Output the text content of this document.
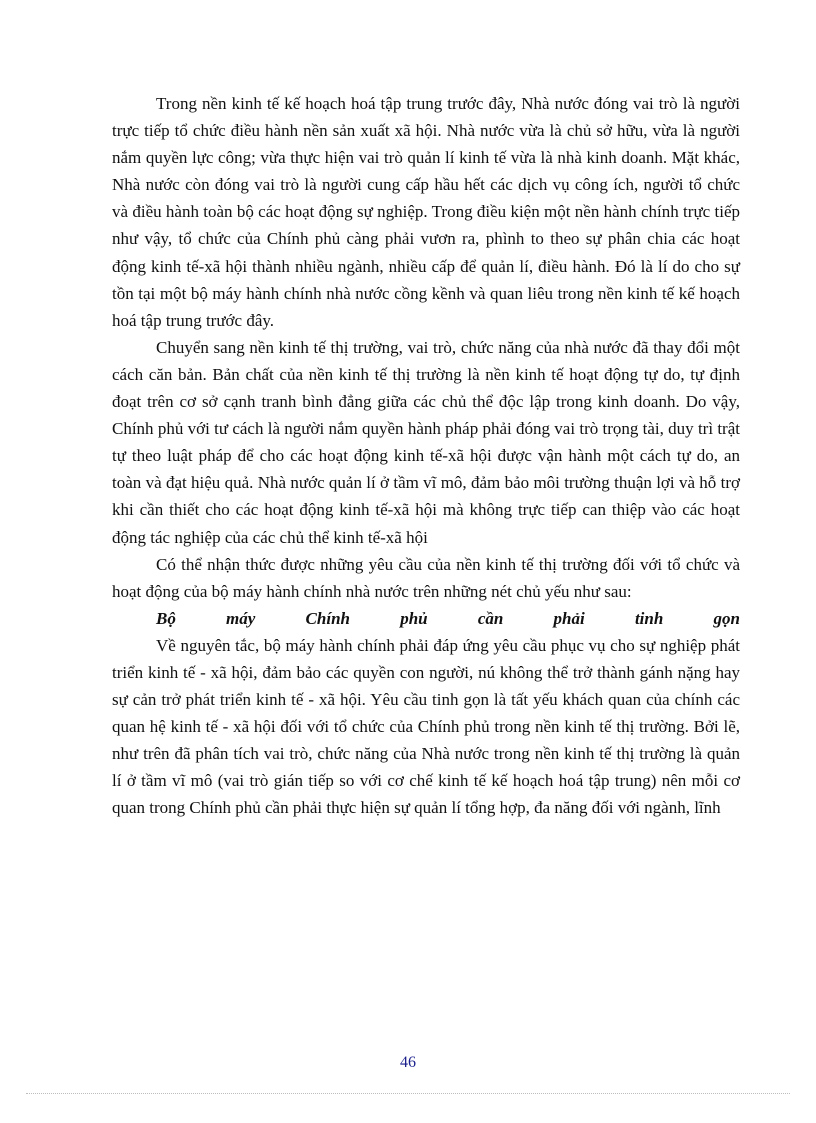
Trong nền kinh tế kế hoạch hoá tập trung trước đây, Nhà nước đóng vai trò là người trực tiếp tổ chức điều hành nền sản xuất xã hội. Nhà nước vừa là chủ sở hữu, vừa là người nắm quyền lực công; vừa thực hiện vai trò quản lí kinh tế vừa là nhà kinh doanh. Mặt khác, Nhà nước còn đóng vai trò là người cung cấp hầu hết các dịch vụ công ích, người tổ chức và điều hành toàn bộ các hoạt động sự nghiệp. Trong điều kiện một nền hành chính trực tiếp như vậy, tổ chức của Chính phủ càng phải vươn ra, phình to theo sự phân chia các hoạt động kinh tế-xã hội thành nhiều ngành, nhiều cấp để quản lí, điều hành. Đó là lí do cho sự tồn tại một bộ máy hành chính nhà nước cồng kềnh và quan liêu trong nền kinh tế kế hoạch hoá tập trung trước đây.

Chuyển sang nền kinh tế thị trường, vai trò, chức năng của nhà nước đã thay đổi một cách căn bản. Bản chất của nền kinh tế thị trường là nền kinh tế hoạt động tự do, tự định đoạt trên cơ sở cạnh tranh bình đẳng giữa các chủ thể độc lập trong kinh doanh. Do vậy, Chính phủ với tư cách là người nắm quyền hành pháp phải đóng vai trò trọng tài, duy trì trật tự theo luật pháp để cho các hoạt động kinh tế-xã hội được vận hành một cách tự do, an toàn và đạt hiệu quả. Nhà nước quản lí ở tầm vĩ mô, đảm bảo môi trường thuận lợi và hỗ trợ khi cần thiết cho các hoạt động kinh tế-xã hội mà không trực tiếp can thiệp vào các hoạt động tác nghiệp của các chủ thể kinh tế-xã hội

Có thể nhận thức được những yêu cầu của nền kinh tế thị trường đối với tổ chức và hoạt động của bộ máy hành chính nhà nước trên những nét chủ yếu như sau:

Bộ máy Chính phủ cần phải tinh gọn

Về nguyên tắc, bộ máy hành chính phải đáp ứng yêu cầu phục vụ cho sự nghiệp phát triển kinh tế - xã hội, đảm bảo các quyền con người, nú không thể trở thành gánh nặng hay sự cản trở phát triển kinh tế - xã hội. Yêu cầu tinh gọn là tất yếu khách quan của chính các quan hệ kinh tế - xã hội đối với tổ chức của Chính phủ trong nền kinh tế thị trường. Bởi lẽ, như trên đã phân tích vai trò, chức năng của Nhà nước trong nền kinh tế thị trường là quản lí ở tầm vĩ mô (vai trò gián tiếp so với cơ chế kinh tế kế hoạch hoá tập trung) nên mỗi cơ quan trong Chính phủ cần phải thực hiện sự quản lí tổng hợp, đa năng đối với ngành, lĩnh

46
